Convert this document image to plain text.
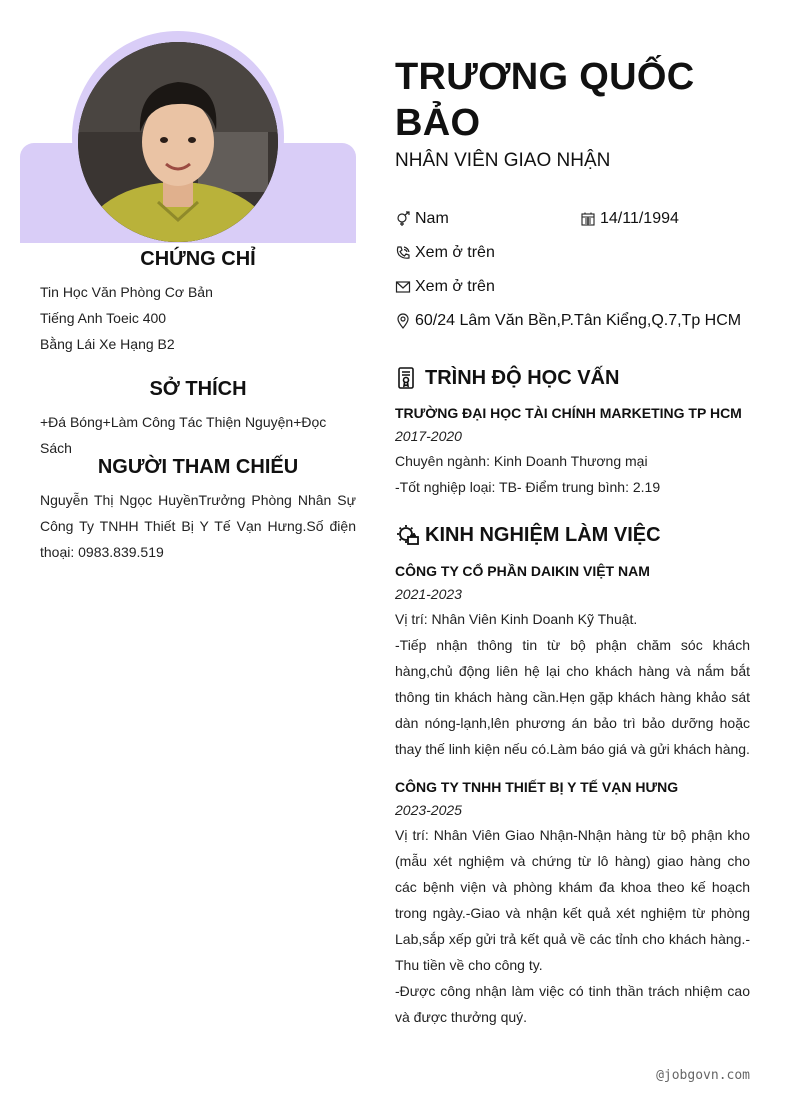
CHỨNG CHỈ
Tin Học Văn Phòng Cơ Bản
Tiếng Anh Toeic 400
Bằng Lái Xe Hạng B2
SỞ THÍCH
+Đá Bóng+Làm Công Tác Thiện Nguyện+Đọc Sách
NGƯỜI THAM CHIẾU
Nguyễn Thị Ngọc HuyềnTrưởng Phòng Nhân Sự Công Ty TNHH Thiết Bị Y Tế Vạn Hưng.Số điện thoại: 0983.839.519
TRƯƠNG QUỐC BẢO
NHÂN VIÊN GIAO NHẬN
Nam	14/11/1994
Xem ở trên
Xem ở trên
60/24 Lâm Văn Bền,P.Tân Kiểng,Q.7,Tp HCM
TRÌNH ĐỘ HỌC VẤN
TRƯỜNG ĐẠI HỌC TÀI CHÍNH MARKETING TP HCM
2017-2020
Chuyên ngành: Kinh Doanh Thương mại
-Tốt nghiệp loại: TB- Điểm trung bình: 2.19
KINH NGHIỆM LÀM VIỆC
CÔNG TY CỔ PHẦN DAIKIN VIỆT NAM
2021-2023
Vị trí: Nhân Viên Kinh Doanh Kỹ Thuật.
-Tiếp nhận thông tin từ bộ phận chăm sóc khách hàng,chủ động liên hệ lại cho khách hàng và nắm bắt thông tin khách hàng cần.Hẹn gặp khách hàng khảo sát dàn nóng-lạnh,lên phương án bảo trì bảo dưỡng hoặc thay thế linh kiện nếu có.Làm báo giá và gửi khách hàng.
CÔNG TY TNHH THIẾT BỊ Y TẾ VẠN HƯNG
2023-2025
Vị trí: Nhân Viên Giao Nhận-Nhận hàng từ bộ phận kho (mẫu xét nghiệm và chứng từ lô hàng) giao hàng cho các bệnh viện và phòng khám đa khoa theo kế hoạch trong ngày.-Giao và nhận kết quả xét nghiệm từ phòng Lab,sắp xếp gửi trả kết quả về các tỉnh cho khách hàng.-Thu tiền về cho công ty.
-Được công nhận làm việc có tinh thần trách nhiệm cao và được thưởng quý.
@jobgovn.com
